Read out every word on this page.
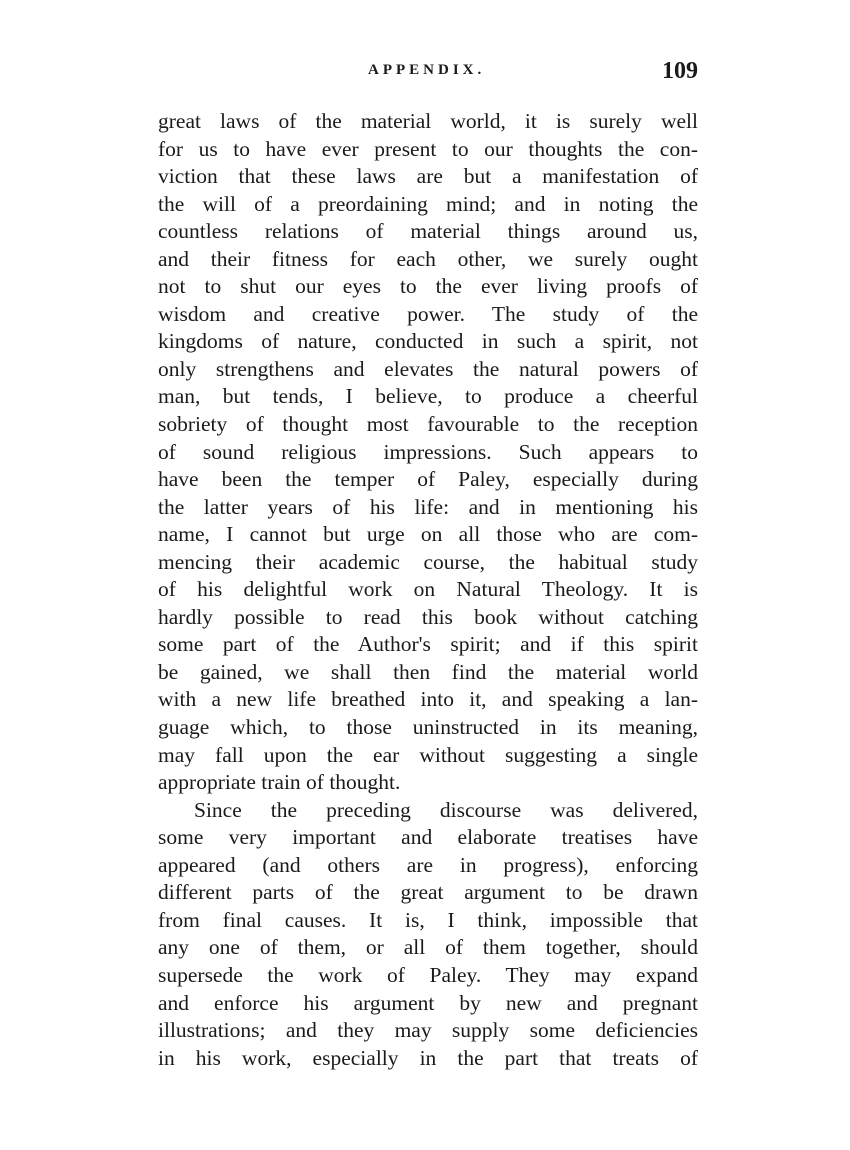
APPENDIX.	109
great laws of the material world, it is surely well
for us to have ever present to our thoughts the con-
viction that these laws are but a manifestation of
the will of a preordaining mind; and in noting the
countless relations of material things around us,
and their fitness for each other, we surely ought
not to shut our eyes to the ever living proofs of
wisdom and creative power. The study of the
kingdoms of nature, conducted in such a spirit, not
only strengthens and elevates the natural powers of
man, but tends, I believe, to produce a cheerful
sobriety of thought most favourable to the reception
of sound religious impressions. Such appears to
have been the temper of Paley, especially during
the latter years of his life: and in mentioning his
name, I cannot but urge on all those who are com-
mencing their academic course, the habitual study
of his delightful work on Natural Theology. It is
hardly possible to read this book without catching
some part of the Author's spirit; and if this spirit
be gained, we shall then find the material world
with a new life breathed into it, and speaking a lan-
guage which, to those uninstructed in its meaning,
may fall upon the ear without suggesting a single
appropriate train of thought.
Since the preceding discourse was delivered,
some very important and elaborate treatises have
appeared (and others are in progress), enforcing
different parts of the great argument to be drawn
from final causes. It is, I think, impossible that
any one of them, or all of them together, should
supersede the work of Paley. They may expand
and enforce his argument by new and pregnant
illustrations; and they may supply some deficiencies
in his work, especially in the part that treats of
